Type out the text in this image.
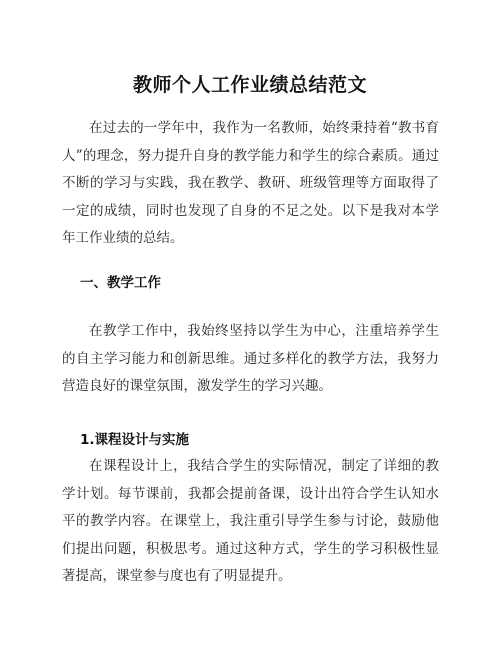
教师个人工作业绩总结范文

在过去的一学年中，我作为一名教师，始终秉持着“教书育人”的理念，努力提升自身的教学能力和学生的综合素质。通过不断的学习与实践，我在教学、教研、班级管理等方面取得了一定的成绩，同时也发现了自身的不足之处。以下是我对本学年工作业绩的总结。

一、教学工作

在教学工作中，我始终坚持以学生为中心，注重培养学生的自主学习能力和创新思维。通过多样化的教学方法，我努力营造良好的课堂氛围，激发学生的学习兴趣。

1.课程设计与实施

在课程设计上，我结合学生的实际情况，制定了详细的教学计划。每节课前，我都会提前备课，设计出符合学生认知水平的教学内容。在课堂上，我注重引导学生参与讨论，鼓励他们提出问题，积极思考。通过这种方式，学生的学习积极性显著提高，课堂参与度也有了明显提升。
